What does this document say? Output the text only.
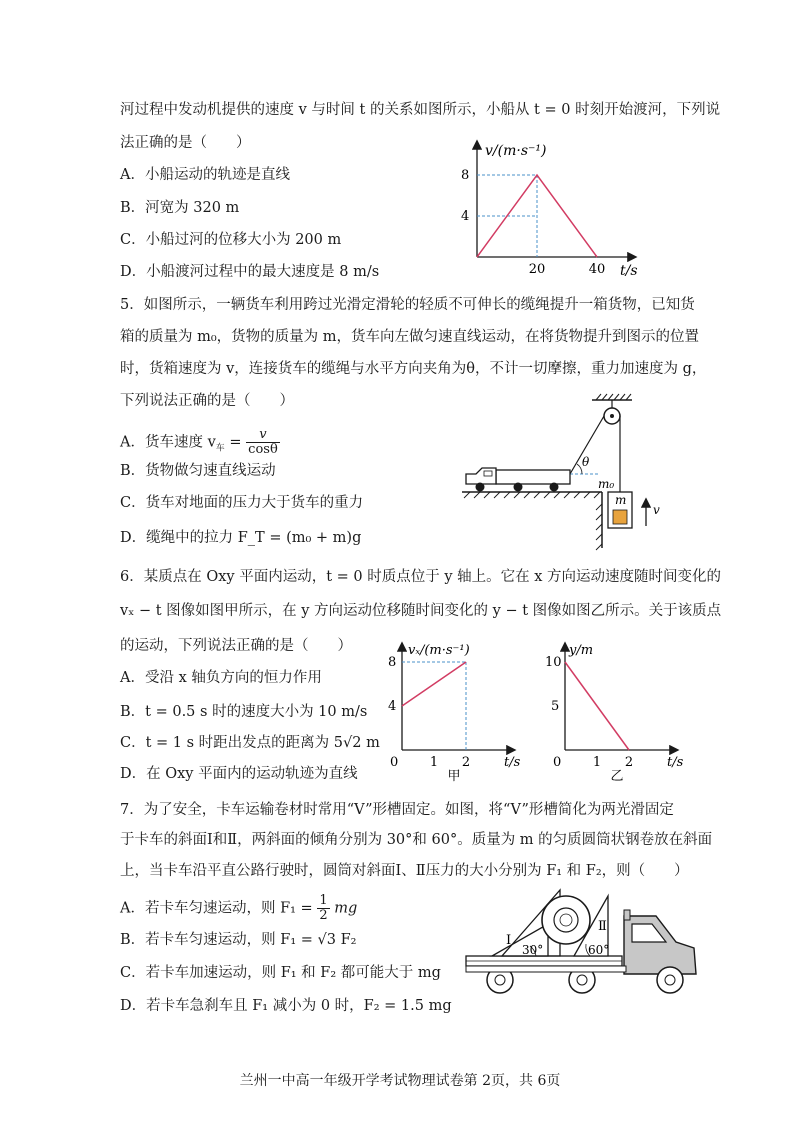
河过程中发动机提供的速度 v 与时间 t 的关系如图所示，小船从 t = 0 时刻开始渡河，下列说
法正确的是（　　）
A．小船运动的轨迹是直线
B．河宽为 320 m
C．小船过河的位移大小为 200 m
D．小船渡河过程中的最大速度是 8 m/s
v/(m·s⁻¹)
t/s
4
8
20	40
5．如图所示，一辆货车利用跨过光滑定滑轮的轻质不可伸长的缆绳提升一箱货物，已知货
箱的质量为 m₀，货物的质量为 m，货车向左做匀速直线运动，在将货物提升到图示的位置
时，货箱速度为 v，连接货车的缆绳与水平方向夹角为θ，不计一切摩擦，重力加速度为 g，
下列说法正确的是（　　）
A．货车速度 $v_车 = \frac{v}{\cos\theta}$
B．货物做匀速直线运动
C．货车对地面的压力大于货车的重力
D．缆绳中的拉力 F_T = (m₀ + m)g
θ
m₀
m
v
6．某质点在 Oxy 平面内运动，t = 0 时质点位于 y 轴上。它在 x 方向运动速度随时间变化的
vₓ − t 图像如图甲所示，在 y 方向运动位移随时间变化的 y − t 图像如图乙所示。关于该质点
的运动，下列说法正确的是（　　）
A．受沿 x 轴负方向的恒力作用
B．t = 0.5 s 时的速度大小为 10 m/s
C．t = 1 s 时距出发点的距离为 5√2 m
D．在 Oxy 平面内的运动轨迹为直线
vₓ/(m·s⁻¹)
t/s
0
4
8
1 2
甲
y/m
t/s
0
5
10
1 2
乙
7．为了安全，卡车运输卷材时常用“V”形槽固定。如图，将“V”形槽简化为两光滑固定
于卡车的斜面Ⅰ和Ⅱ，两斜面的倾角分别为 30°和 60°。质量为 m 的匀质圆筒状钢卷放在斜面
上，当卡车沿平直公路行驶时，圆筒对斜面Ⅰ、Ⅱ压力的大小分别为 F₁ 和 F₂，则（　　）
A．若卡车匀速运动，则 $F_1 = \frac{1}{2}$ mg
B．若卡车匀速运动，则 F₁ = √3 F₂
C．若卡车加速运动，则 F₁ 和 F₂ 都可能大于 mg
D．若卡车急刹车且 F₁ 减小为 0 时，F₂ = 1.5 mg
Ⅰ
Ⅱ
30°	60°
兰州一中高一年级开学考试物理试卷第 2页，共 6页
